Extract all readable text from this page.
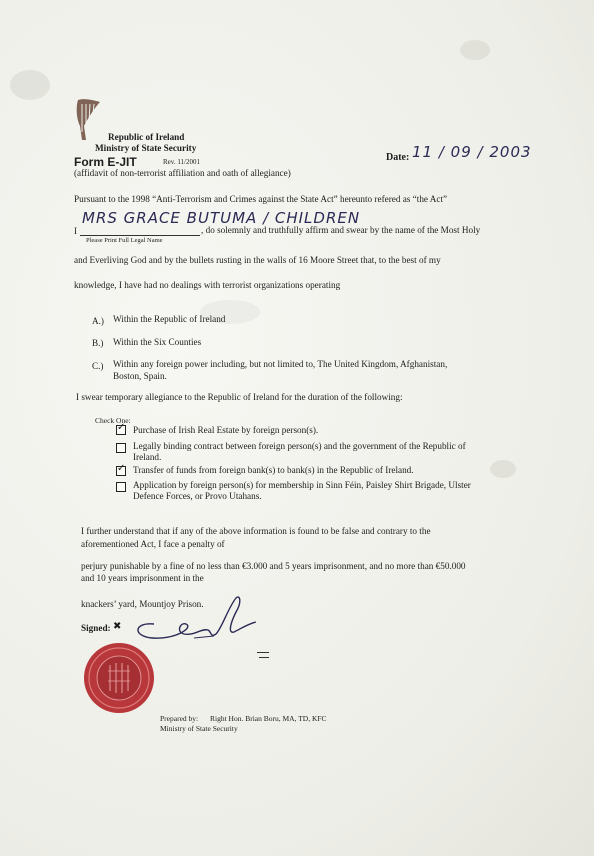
Republic of Ireland
Ministry of State Security
Form E-JIT	Rev. 11/2001
(affidavit of non-terrorist affiliation and oath of allegiance)
Date: 11 / 09 / 2003
Pursuant to the 1998 “Anti-Terrorism and Crimes against the State Act” hereunto refered as “the Act”
I
MRS GRACE BUTUMA / CHILDREN
Please Print Full Legal Name
, do solemnly and truthfully affirm and swear by the name of the Most Holy
and Everliving God and by the bullets rusting in the walls of 16 Moore Street that, to the best of my
knowledge, I have had no dealings with terrorist organizations operating
A.) Within the Republic of Ireland
B.) Within the Six Counties
C.) Within any foreign power including, but not limited to, The United Kingdom, Afghanistan,
Boston, Spain.
I swear temporary allegiance to the Republic of Ireland for the duration of the following:
Check One:
✓
Purchase of Irish Real Estate by foreign person(s).
Legally binding contract between foreign person(s) and the government of the Republic of
Ireland.
✓
Transfer of funds from foreign bank(s) to bank(s) in the Republic of Ireland.
Application by foreign person(s) for membership in Sinn Féin, Paisley Shirt Brigade, Ulster
Defence Forces, or Provo Utahans.
I further understand that if any of the above information is found to be false and contrary to the
aforementioned Act, I face a penalty of
perjury punishable by a fine of no less than €3.000 and 5 years imprisonment, and no more than €50.000
and 10 years imprisonment in the
knackers’ yard, Mountjoy Prison.
Signed: ✖
Prepared by: Right Hon. Brian Boru, MA, TD, KFC
Ministry of State Security
